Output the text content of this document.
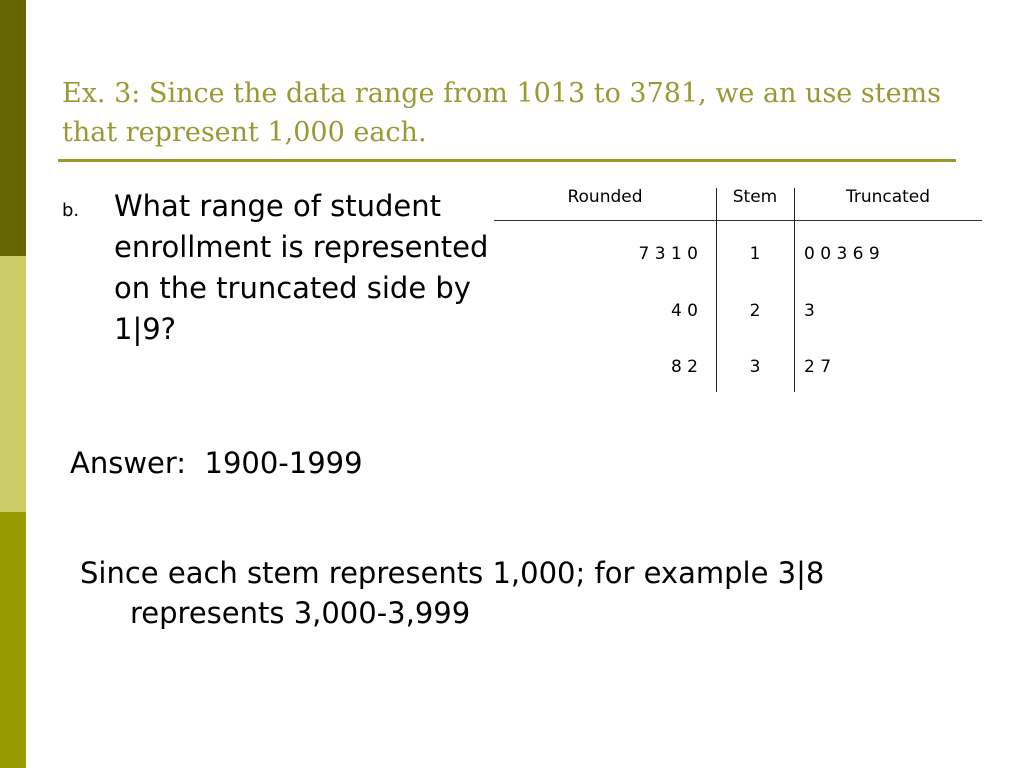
Ex. 3: Since the data range from 1013 to 3781, we an use stems that represent 1,000 each.
b. What range of student enrollment is represented on the truncated side by 1|9?

Rounded	Stem	Truncated
7 3 1 0	1	0 0 3 6 9
4 0	2	3
8 2	3	2 7

Answer:  1900-1999

Since each stem represents 1,000; for example 3|8 represents 3,000-3,999
